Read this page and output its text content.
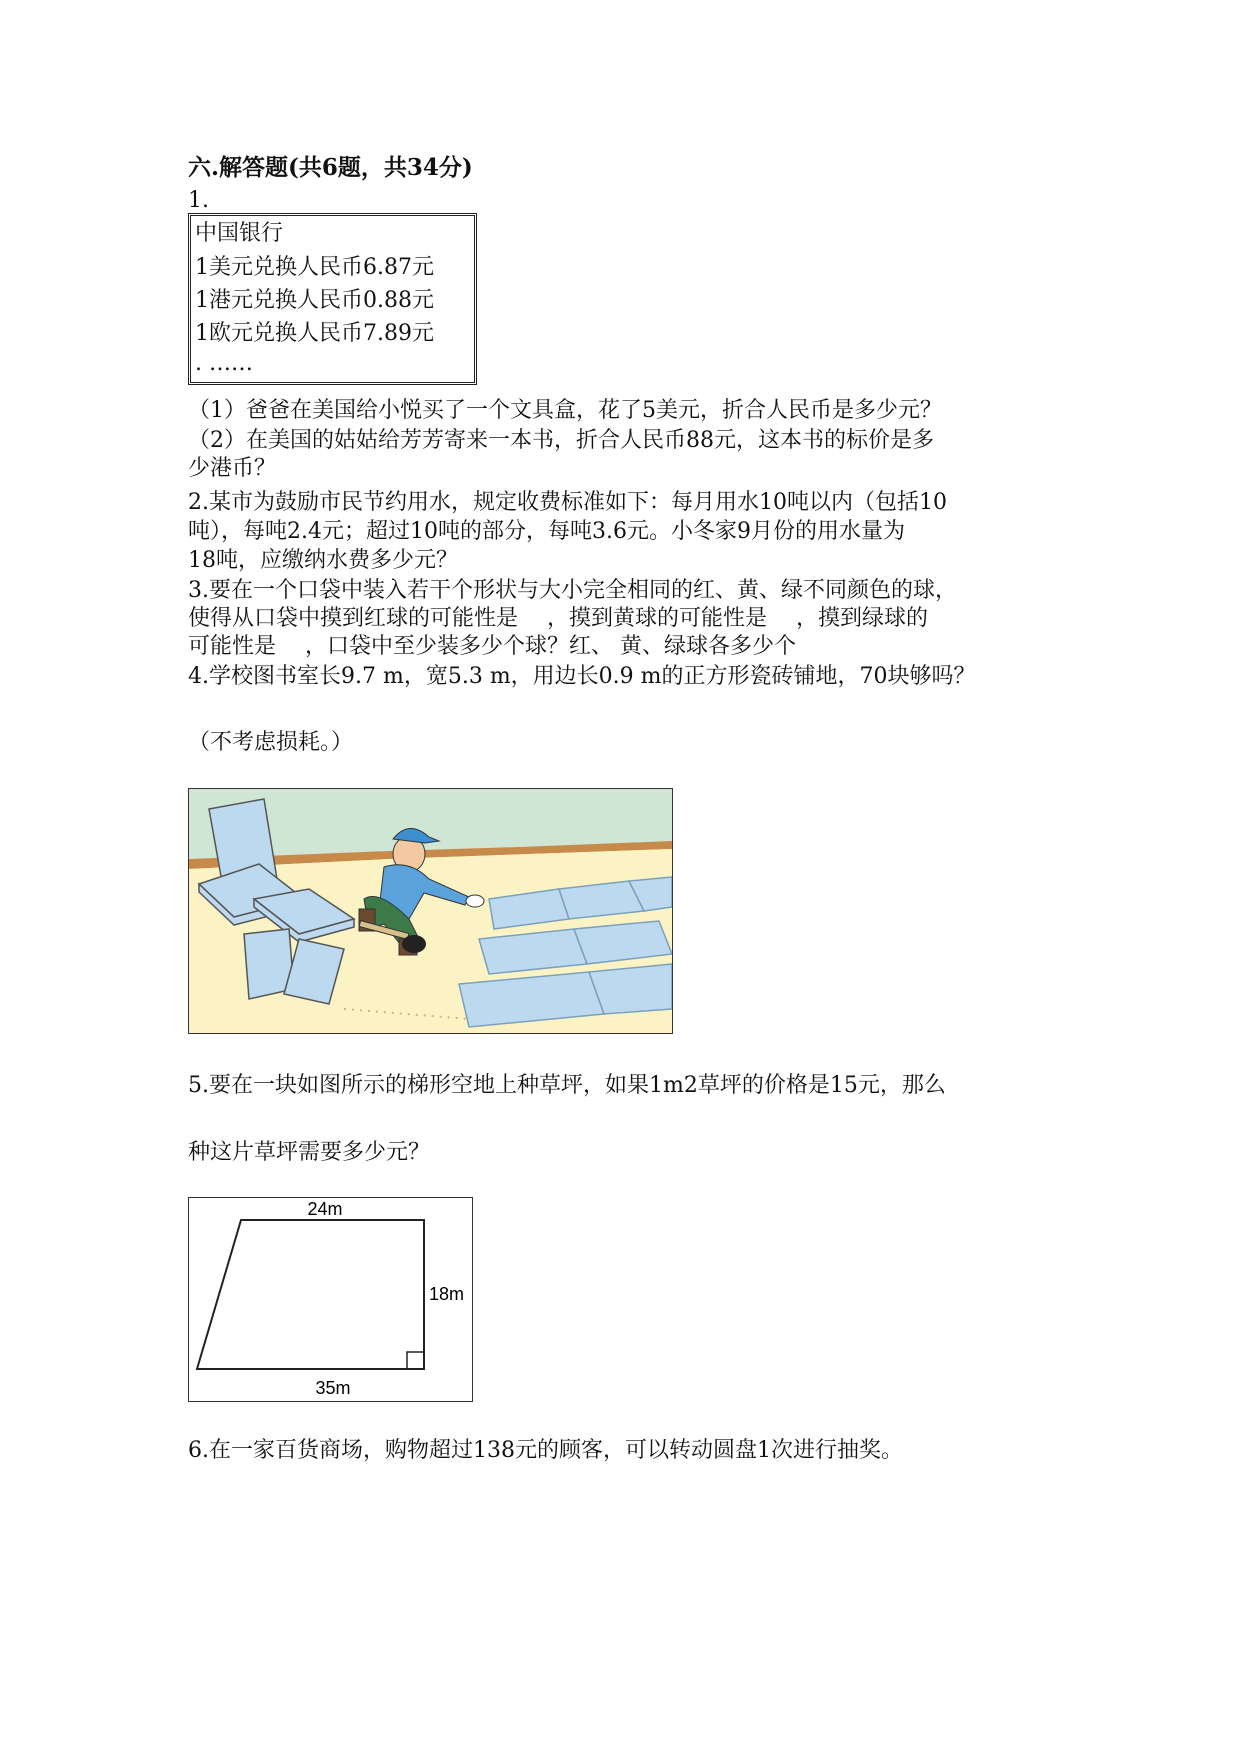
六.解答题(共6题，共34分)
1.
中国银行
1美元兑换人民币6.87元
1港元兑换人民币0.88元
1欧元兑换人民币7.89元
. ……
（1）爸爸在美国给小悦买了一个文具盒，花了5美元，折合人民币是多少元？
（2）在美国的姑姑给芳芳寄来一本书，折合人民币88元，这本书的标价是多
少港币？
2.某市为鼓励市民节约用水，规定收费标准如下：每月用水10吨以内（包括10
吨），每吨2.4元；超过10吨的部分，每吨3.6元。小冬家9月份的用水量为
18吨，应缴纳水费多少元？
3.要在一个口袋中装入若干个形状与大小完全相同的红、黄、绿不同颜色的球，
使得从口袋中摸到红球的可能性是　 ，摸到黄球的可能性是　 ，摸到绿球的
可能性是　 ，口袋中至少装多少个球？红、 黄、绿球各多少个
4.学校图书室长9.7 m，宽5.3 m，用边长0.9 m的正方形瓷砖铺地，70块够吗？
（不考虑损耗。）
5.要在一块如图所示的梯形空地上种草坪，如果1m2草坪的价格是15元，那么
种这片草坪需要多少元？
24m
18m
35m
6.在一家百货商场，购物超过138元的顾客，可以转动圆盘1次进行抽奖。
